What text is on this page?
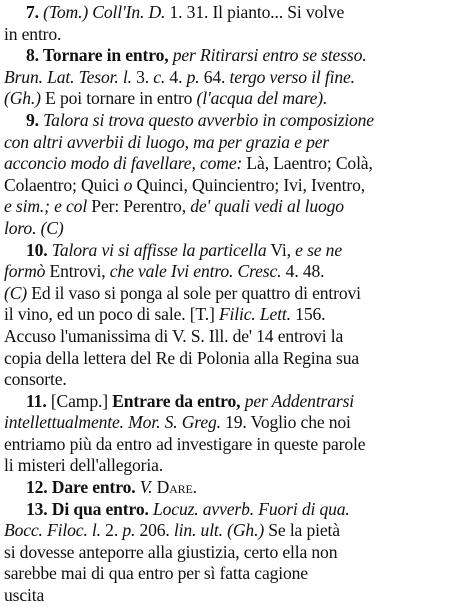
7. (Tom.) Coll'In. D. 1. 31. Il pianto... Si volve
in entro.
8. Tornare in entro, per Ritirarsi entro se stesso.
Brun. Lat. Tesor. l. 3. c. 4. p. 64. tergo verso il fine.
(Gh.) E poi tornare in entro (l'acqua del mare).
9. Talora si trova questo avverbio in composizione
con altri avverbii di luogo, ma per grazia e per
acconcio modo di favellare, come: Là, Laentro; Colà,
Colaentro; Quici o Quinci, Quincientro; Ivi, Iventro,
e sim.; e col Per: Perentro, de' quali vedi al luogo
loro. (C)
10. Talora vi si affisse la particella Vi, e se ne
formò Entrovi, che vale Ivi entro. Cresc. 4. 48.
(C) Ed il vaso si ponga al sole per quattro di entrovi
il vino, ed un poco di sale. [T.] Filic. Lett. 156.
Accuso l'umanissima di V. S. Ill. de' 14 entrovi la
copia della lettera del Re di Polonia alla Regina sua
consorte.
11. [Camp.] Entrare da entro, per Addentrarsi
intellettualmente. Mor. S. Greg. 19. Voglio che noi
entriamo più da entro ad investigare in queste parole
li misteri dell'allegoria.
12. Dare entro. V. Dare.
13. Di qua entro. Locuz. avverb. Fuori di qua.
Bocc. Filoc. l. 2. p. 206. lin. ult. (Gh.) Se la pietà
si dovesse anteporre alla giustizia, certo ella non
sarebbe mai di qua entro per sì fatta cagione
uscita
